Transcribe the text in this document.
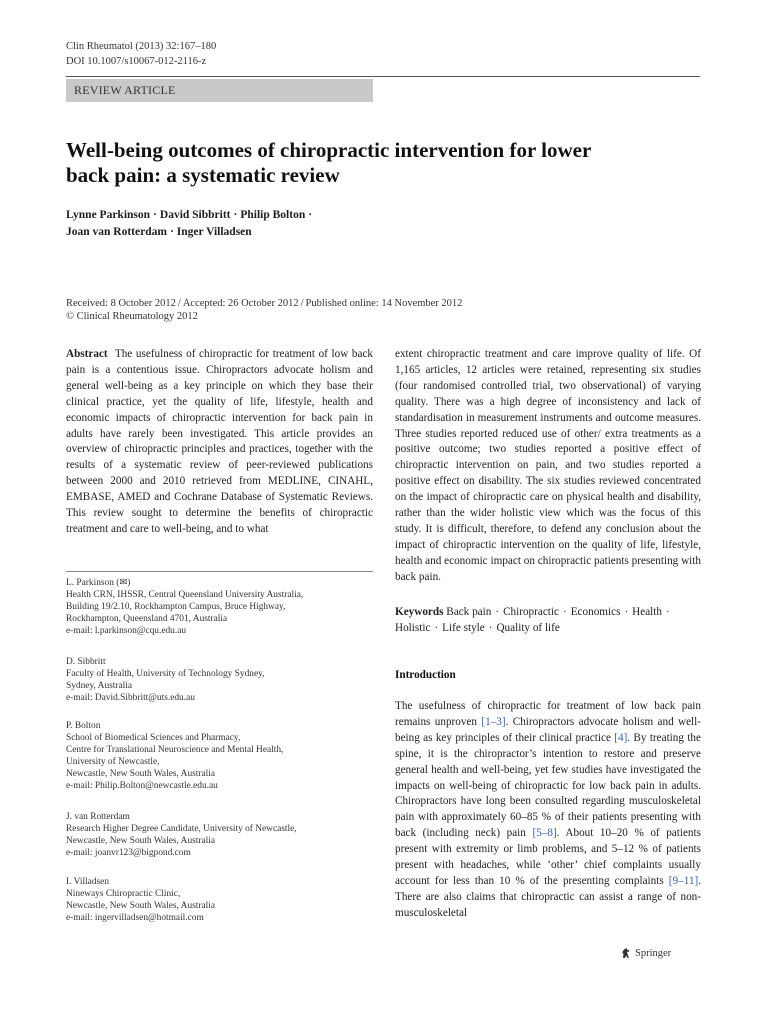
Clin Rheumatol (2013) 32:167–180
DOI 10.1007/s10067-012-2116-z
REVIEW ARTICLE
Well-being outcomes of chiropractic intervention for lower
back pain: a systematic review
Lynne Parkinson · David Sibbritt · Philip Bolton ·
Joan van Rotterdam · Inger Villadsen
Received: 8 October 2012 / Accepted: 26 October 2012 / Published online: 14 November 2012
© Clinical Rheumatology 2012
Abstract The usefulness of chiropractic for treatment of low back pain is a contentious issue. Chiropractors advocate holism and general well-being as a key principle on which they base their clinical practice, yet the quality of life, lifestyle, health and economic impacts of chiropractic intervention for back pain in adults have rarely been investigated. This article provides an overview of chiropractic principles and practices, together with the results of a systematic review of peer-reviewed publications between 2000 and 2010 retrieved from MEDLINE, CINAHL, EMBASE, AMED and Cochrane Database of Systematic Reviews. This review sought to determine the benefits of chiropractic treatment and care to well-being, and to what
extent chiropractic treatment and care improve quality of life. Of 1,165 articles, 12 articles were retained, representing six studies (four randomised controlled trial, two observational) of varying quality. There was a high degree of inconsistency and lack of standardisation in measurement instruments and outcome measures. Three studies reported reduced use of other/ extra treatments as a positive outcome; two studies reported a positive effect of chiropractic intervention on pain, and two studies reported a positive effect on disability. The six studies reviewed concentrated on the impact of chiropractic care on physical health and disability, rather than the wider holistic view which was the focus of this study. It is difficult, therefore, to defend any conclusion about the impact of chiropractic intervention on the quality of life, lifestyle, health and economic impact on chiropractic patients presenting with back pain.
L. Parkinson (✉)
Health CRN, IHSSR, Central Queensland University Australia,
Building 19/2.10, Rockhampton Campus, Bruce Highway,
Rockhampton, Queensland 4701, Australia
e-mail: l.parkinson@cqu.edu.au
D. Sibbritt
Faculty of Health, University of Technology Sydney,
Sydney, Australia
e-mail: David.Sibbritt@uts.edu.au
P. Bolton
School of Biomedical Sciences and Pharmacy,
Centre for Translational Neuroscience and Mental Health,
University of Newcastle,
Newcastle, New South Wales, Australia
e-mail: Philip.Bolton@newcastle.edu.au
J. van Rotterdam
Research Higher Degree Candidate, University of Newcastle,
Newcastle, New South Wales, Australia
e-mail: joanvr123@bigpond.com
I. Villadsen
Nineways Chiropractic Clinic,
Newcastle, New South Wales, Australia
e-mail: ingervilladsen@hotmail.com
Keywords Back pain · Chiropractic · Economics · Health ·
Holistic · Life style · Quality of life
Introduction
The usefulness of chiropractic for treatment of low back pain remains unproven [1–3]. Chiropractors advocate holism and well-being as key principles of their clinical practice [4]. By treating the spine, it is the chiropractor’s intention to restore and preserve general health and well-being, yet few studies have investigated the impacts on well-being of chiropractic for low back pain in adults. Chiropractors have long been consulted regarding musculoskeletal pain with approximately 60–85 % of their patients presenting with back (including neck) pain [5–8]. About 10–20 % of patients present with extremity or limb problems, and 5–12 % of patients present with headaches, while ‘other’ chief complaints usually account for less than 10 % of the presenting complaints [9–11]. There are also claims that chiropractic can assist a range of non-musculoskeletal
Springer
